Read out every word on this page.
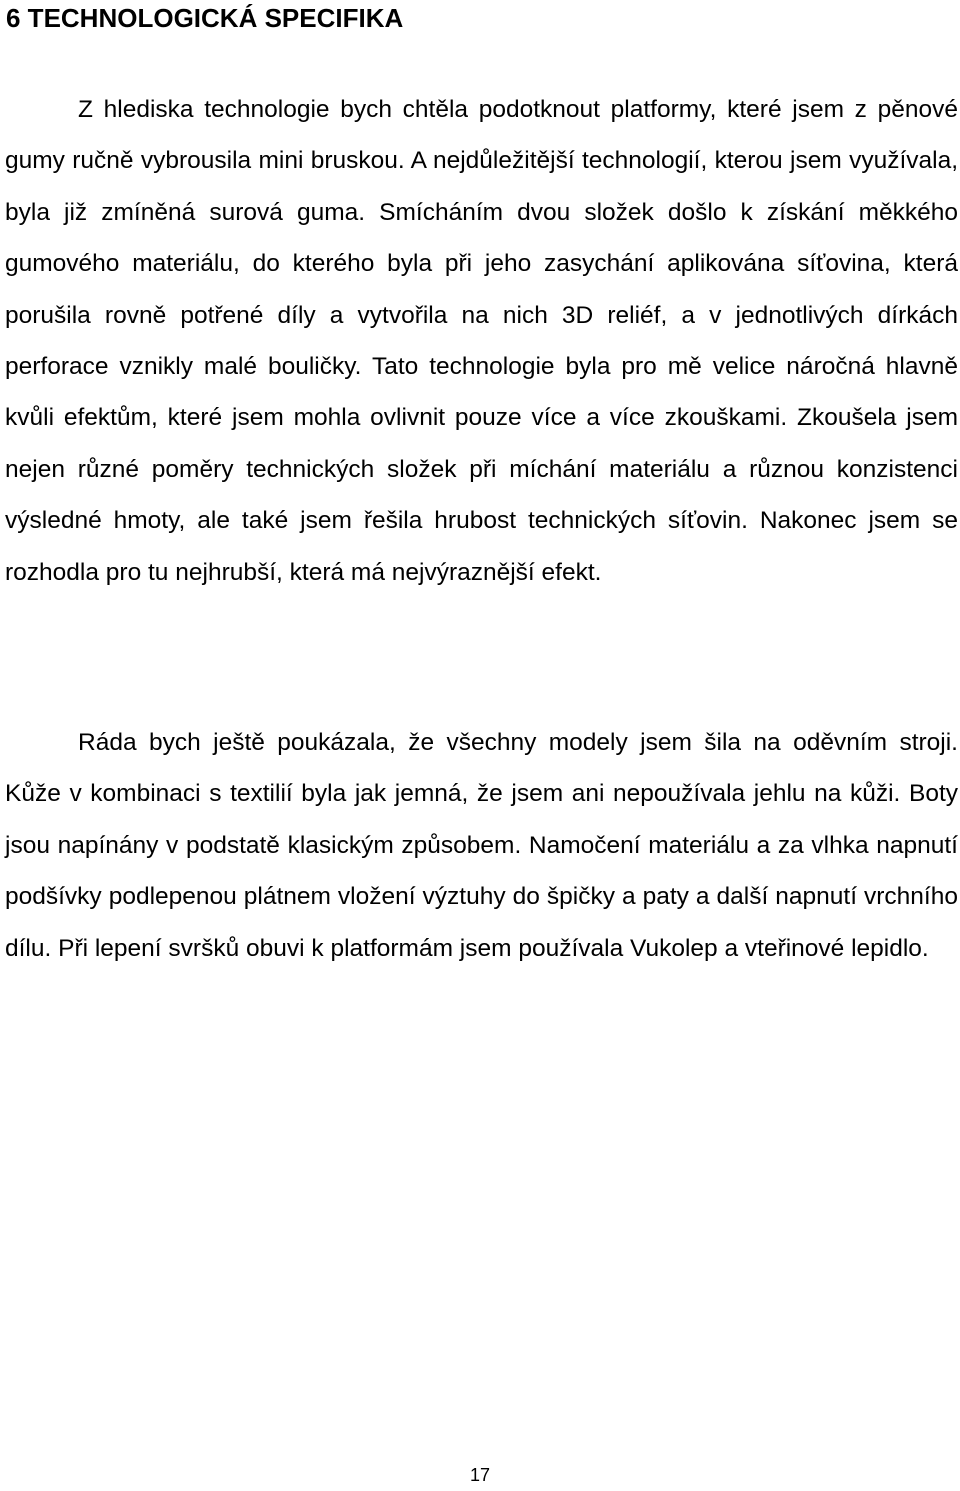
6 TECHNOLOGICKÁ SPECIFIKA

Z hlediska technologie bych chtěla podotknout platformy, které jsem z pěnové gumy ručně vybrousila mini bruskou. A nejdůležitější technologií, kterou jsem využívala, byla již zmíněná surová guma. Smícháním dvou složek došlo k získání měkkého gumového materiálu, do kterého byla při jeho zasychání aplikována síťovina, která porušila rovně potřené díly a vytvořila na nich 3D reliéf, a v jednotlivých dírkách perforace vznikly malé bouličky. Tato technologie byla pro mě velice náročná hlavně kvůli efektům, které jsem mohla ovlivnit pouze více a více zkouškami. Zkoušela jsem nejen různé poměry technických složek při míchání materiálu a různou konzistenci výsledné hmoty, ale také jsem řešila hrubost technických síťovin. Nakonec jsem se rozhodla pro tu nejhrubší, která má nejvýraznější efekt.

Ráda bych ještě poukázala, že všechny modely jsem šila na oděvním stroji. Kůže v kombinaci s textilií byla jak jemná, že jsem ani nepoužívala jehlu na kůži. Boty jsou napínány v podstatě klasickým způsobem. Namočení materiálu a za vlhka napnutí podšívky podlepenou plátnem vložení výztuhy do špičky a paty a další napnutí vrchního dílu. Při lepení svršků obuvi k platformám jsem používala Vukolep a vteřinové lepidlo.

17
